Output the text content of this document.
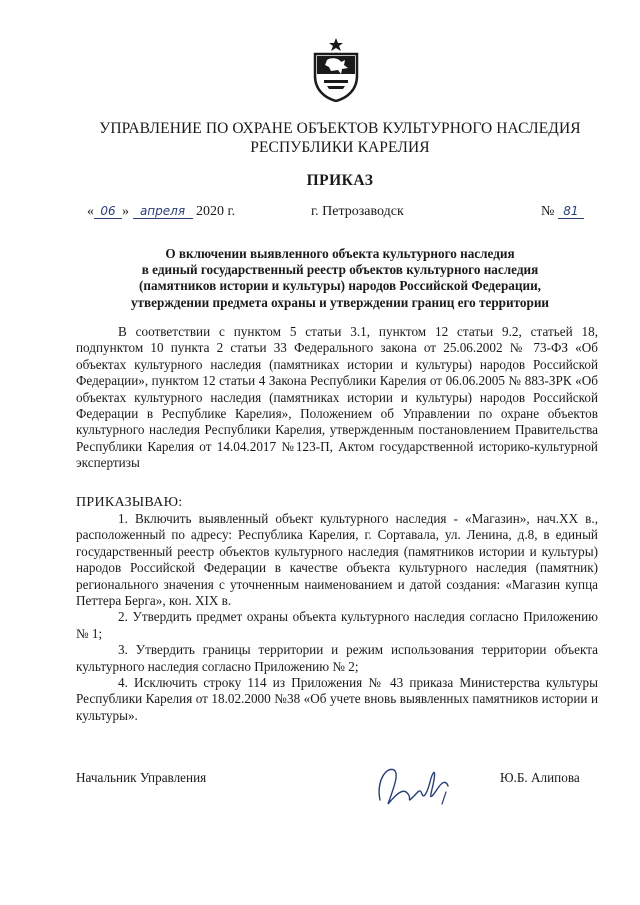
УПРАВЛЕНИЕ ПО ОХРАНЕ ОБЪЕКТОВ КУЛЬТУРНОГО НАСЛЕДИЯ
РЕСПУБЛИКИ КАРЕЛИЯ
ПРИКАЗ
« 06 » апреля 2020 г.	г. Петрозаводск	№ 81
О включении выявленного объекта культурного наследия
в единый государственный реестр объектов культурного наследия
(памятников истории и культуры) народов Российской Федерации,
утверждении предмета охраны и утверждении границ его территории

В соответствии с пунктом 5 статьи 3.1, пунктом 12 статьи 9.2, статьей 18, подпунктом 10 пункта 2 статьи 33 Федерального закона от 25.06.2002 № 73-ФЗ «Об объектах культурного наследия (памятниках истории и культуры) народов Российской Федерации», пунктом 12 статьи 4 Закона Республики Карелия от 06.06.2005 № 883-ЗРК «Об объектах культурного наследия (памятниках истории и культуры) народов Российской Федерации в Республике Карелия», Положением об Управлении по охране объектов культурного наследия Республики Карелия, утвержденным постановлением Правительства Республики Карелия от 14.04.2017 №123-П, Актом государственной историко-культурной экспертизы

ПРИКАЗЫВАЮ:

1. Включить выявленный объект культурного наследия - «Магазин», нач.XX в., расположенный по адресу: Республика Карелия, г. Сортавала, ул. Ленина, д.8, в единый государственный реестр объектов культурного наследия (памятников истории и культуры) народов Российской Федерации в качестве объекта культурного наследия (памятник) регионального значения с уточненным наименованием и датой создания: «Магазин купца Петтера Берга», кон. XIX в.

2. Утвердить предмет охраны объекта культурного наследия согласно Приложению № 1;

3. Утвердить границы территории и режим использования территории объекта культурного наследия согласно Приложению № 2;

4. Исключить строку 114 из Приложения № 43 приказа Министерства культуры Республики Карелия от 18.02.2000 №38 «Об учете вновь выявленных памятников истории и культуры».

Начальник Управления	Ю.Б. Алипова
